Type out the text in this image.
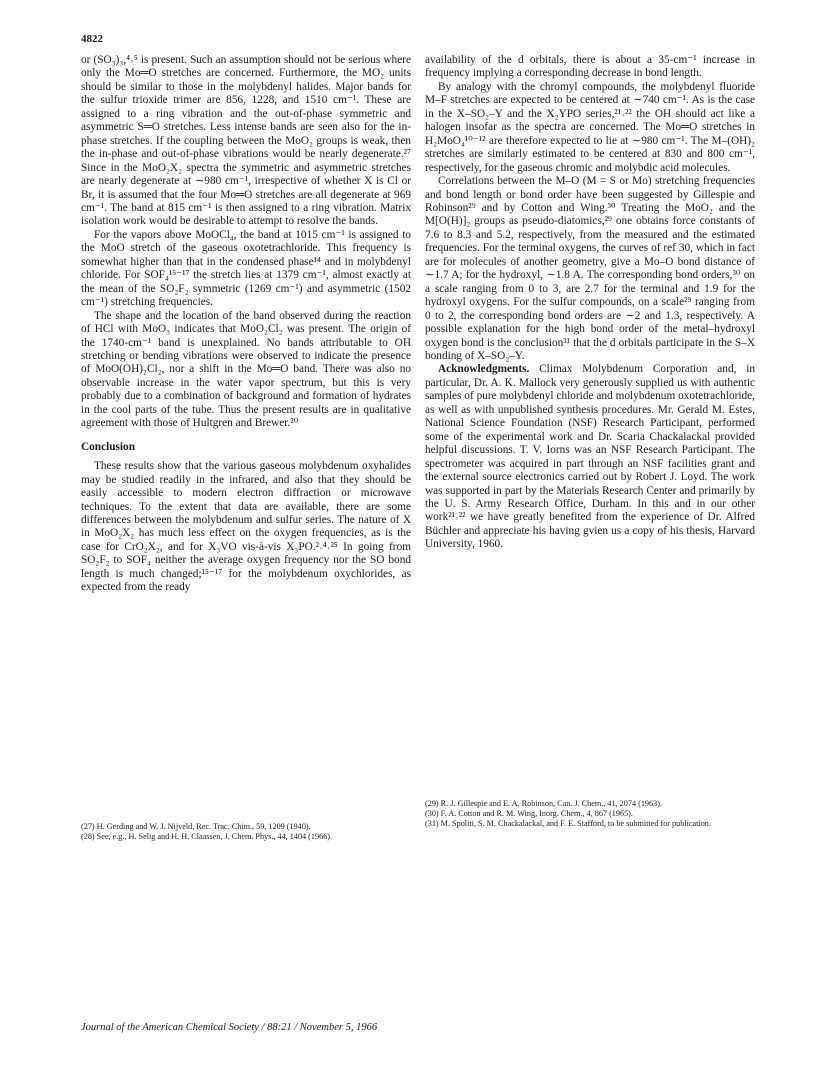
4822

or (SO₃)₃,⁴˒⁵ is present. Such an assumption should not be serious where only the Mo═O stretches are concerned. Furthermore, the MO₂ units should be similar to those in the molybdenyl halides. Major bands for the sulfur trioxide trimer are 856, 1228, and 1510 cm⁻¹. These are assigned to a ring vibration and the out-of-phase symmetric and asymmetric S═O stretches. Less intense bands are seen also for the in-phase stretches. If the coupling between the MoO₂ groups is weak, then the in-phase and out-of-phase vibrations would be nearly degenerate.²⁷ Since in the MoO₂X₂ spectra the symmetric and asymmetric stretches are nearly degenerate at ∼980 cm⁻¹, irrespective of whether X is Cl or Br, it is assumed that the four Mo═O stretches are all degenerate at 969 cm⁻¹. The band at 815 cm⁻¹ is then assigned to a ring vibration. Matrix isolation work would be desirable to attempt to resolve the bands.

For the vapors above MoOCl₄, the band at 1015 cm⁻¹ is assigned to the MoO stretch of the gaseous oxotetrachloride. This frequency is somewhat higher than that in the condensed phase¹⁴ and in molybdenyl chloride. For SOF₄¹⁵⁻¹⁷ the stretch lies at 1379 cm⁻¹, almost exactly at the mean of the SO₂F₂ symmetric (1269 cm⁻¹) and asymmetric (1502 cm⁻¹) stretching frequencies.

The shape and the location of the band observed during the reaction of HCl with MoO₃ indicates that MoO₂Cl₂ was present. The origin of the 1740-cm⁻¹ band is unexplained. No bands attributable to OH stretching or bending vibrations were observed to indicate the presence of MoO(OH)₂Cl₂, nor a shift in the Mo═O band. There was also no observable increase in the water vapor spectrum, but this is very probably due to a combination of background and formation of hydrates in the cool parts of the tube. Thus the present results are in qualitative agreement with those of Hultgren and Brewer.²⁰

Conclusion

These results show that the various gaseous molybdenum oxyhalides may be studied readily in the infrared, and also that they should be easily accessible to modern electron diffraction or microwave techniques. To the extent that data are available, there are some differences between the molybdenum and sulfur series. The nature of X in MoO₂X₂ has much less effect on the oxygen frequencies, as is the case for CrO₂X₂, and for X₃VO vis-à-vis X₃PO.²˒⁴˒²⁵ In going from SO₂F₂ to SOF₄ neither the average oxygen frequency nor the SO bond length is much changed;¹⁵⁻¹⁷ for the molybdenum oxychlorides, as expected from the ready

availability of the d orbitals, there is about a 35-cm⁻¹ increase in frequency implying a corresponding decrease in bond length.

By analogy with the chromyl compounds, the molybdenyl fluoride M–F stretches are expected to be centered at ∼740 cm⁻¹. As is the case in the X–SO₂–Y and the X₂YPO series,²¹˒²² the OH should act like a halogen insofar as the spectra are concerned. The Mo═O stretches in H₂MoO₄¹⁰⁻¹² are therefore expected to lie at ∼980 cm⁻¹. The M–(OH)₂ stretches are similarly estimated to be centered at 830 and 800 cm⁻¹, respectively, for the gaseous chromic and molybdic acid molecules.

Correlations between the M–O (M = S or Mo) stretching frequencies and bond length or bond order have been suggested by Gillespie and Robinson²⁹ and by Cotton and Wing.³⁰ Treating the MoO₂ and the M[O(H)]₂ groups as pseudo-diatomics,²⁹ one obtains force constants of 7.6 to 8.3 and 5.2, respectively, from the measured and the estimated frequencies. For the terminal oxygens, the curves of ref 30, which in fact are for molecules of another geometry, give a Mo–O bond distance of ∼1.7 A; for the hydroxyl, ∼1.8 A. The corresponding bond orders,³⁰ on a scale ranging from 0 to 3, are 2.7 for the terminal and 1.9 for the hydroxyl oxygens. For the sulfur compounds, on a scale²⁹ ranging from 0 to 2, the corresponding bond orders are ∼2 and 1.3, respectively. A possible explanation for the high bond order of the metal–hydroxyl oxygen bond is the conclusion³¹ that the d orbitals participate in the S–X bonding of X–SO₂–Y.

Acknowledgments. Climax Molybdenum Corporation and, in particular, Dr. A. K. Mallock very generously supplied us with authentic samples of pure molybdenyl chloride and molybdenum oxotetrachloride, as well as with unpublished synthesis procedures. Mr. Gerald M. Estes, National Science Foundation (NSF) Research Participant, performed some of the experimental work and Dr. Scaria Chackalackal provided helpful discussions. T. V. Iorns was an NSF Research Participant. The spectrometer was acquired in part through an NSF facilities grant and the external source electronics carried out by Robert J. Loyd. The work was supported in part by the Materials Research Center and primarily by the U. S. Army Research Office, Durham. In this and in our other work²¹˒²² we have greatly benefited from the experience of Dr. Alfred Büchler and appreciate his having gvien us a copy of his thesis, Harvard University, 1960.

(27) H. Gerding and W. J. Nijveld, Rec. Trac. Chim., 59, 1209 (1940).

(28) See, e.g., H. Selig and H. H. Claassen, J. Chem. Phys., 44, 1404 (1966).

(29) R. J. Gillespie and E. A. Robinson, Can. J. Chem., 41, 2074 (1963).

(30) F. A. Cotton and R. M. Wing, Inorg. Chem., 4, 867 (1965).

(31) M. Spoliti, S. M. Chackalackal, and F. E. Stafford, to be submitted for publication.

Journal of the American Chemical Society / 88:21 / November 5, 1966
